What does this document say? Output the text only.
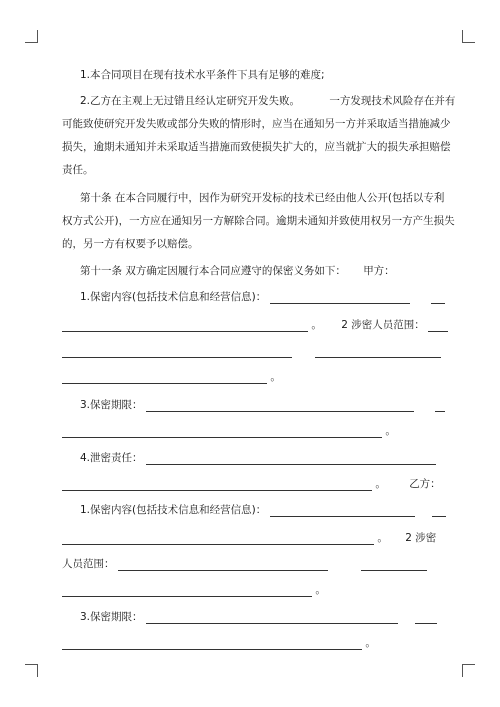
1.本合同项目在现有技术水平条件下具有足够的难度;
2.乙方在主观上无过错且经认定研究开发失败。	一方发现技术风险存在并有
可能致使研究开发失败或部分失败的情形时，应当在通知另一方并采取适当措施减少
损失，逾期未通知并未采取适当措施而致使损失扩大的，应当就扩大的损失承担赔偿
责任。
第十条 在本合同履行中，因作为研究开发标的技术已经由他人公开(包括以专利
权方式公开)，一方应在通知另一方解除合同。逾期未通知并致使用权另一方产生损失
的，另一方有权要予以赔偿。
第十一条 双方确定因履行本合同应遵守的保密义务如下： 甲方：
1.保密内容(包括技术信息和经营信息)：
。 2 涉密人员范围：

。
3.保密期限：
。
4.泄密责任：
。 乙方：
1.保密内容(包括技术信息和经营信息)：
。 2 涉密
人员范围：
。
3.保密期限：
。
